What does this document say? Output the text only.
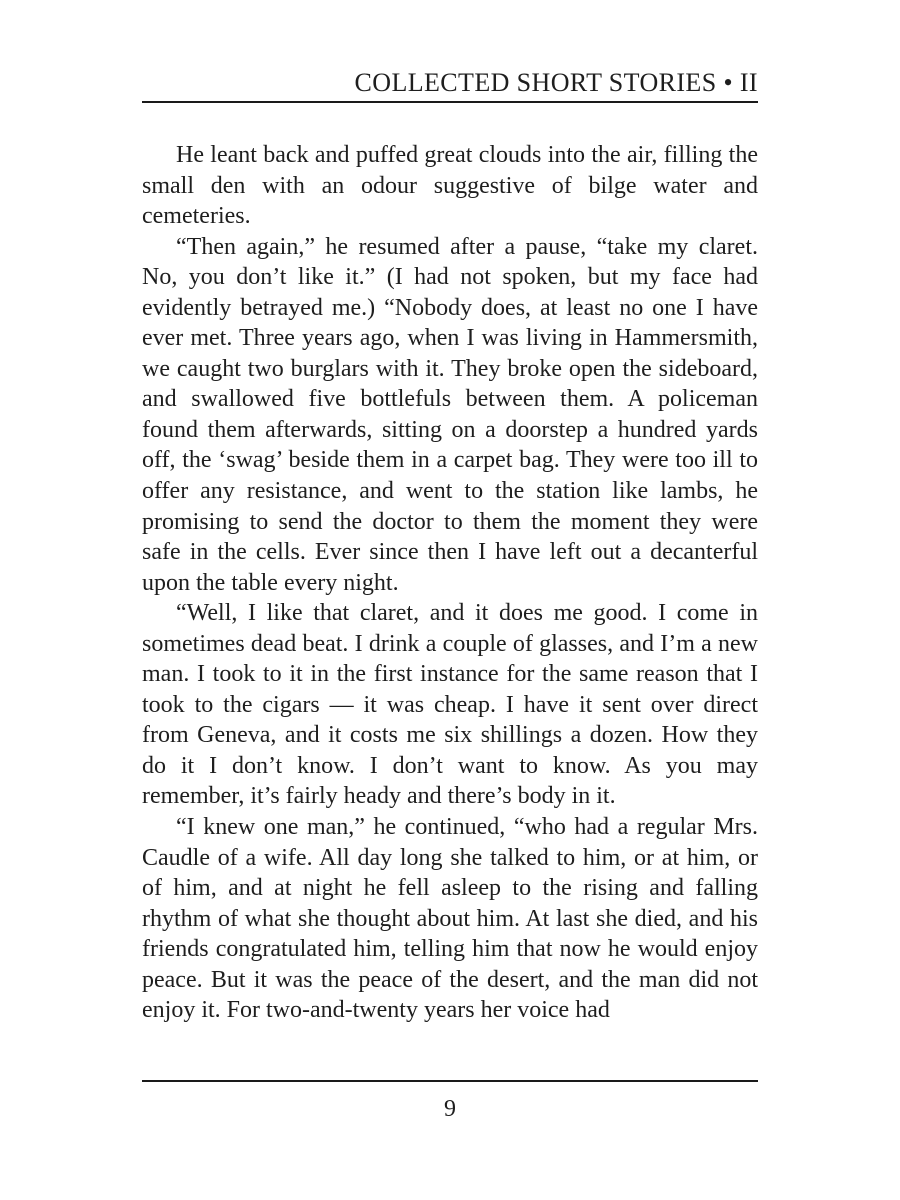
COLLECTED SHORT STORIES • II

He leant back and puffed great clouds into the air, filling the small den with an odour suggestive of bilge water and cemeteries.

“Then again,” he resumed after a pause, “take my claret. No, you don’t like it.” (I had not spoken, but my face had evidently betrayed me.) “Nobody does, at least no one I have ever met. Three years ago, when I was living in Hammersmith, we caught two burglars with it. They broke open the sideboard, and swallowed five bottlefuls between them. A policeman found them afterwards, sitting on a doorstep a hundred yards off, the ‘swag’ beside them in a carpet bag. They were too ill to offer any resistance, and went to the station like lambs, he promising to send the doctor to them the moment they were safe in the cells. Ever since then I have left out a decanterful upon the table every night.

“Well, I like that claret, and it does me good. I come in sometimes dead beat. I drink a couple of glasses, and I’m a new man. I took to it in the first instance for the same reason that I took to the cigars — it was cheap. I have it sent over direct from Geneva, and it costs me six shillings a dozen. How they do it I don’t know. I don’t want to know. As you may remember, it’s fairly heady and there’s body in it.

“I knew one man,” he continued, “who had a regular Mrs. Caudle of a wife. All day long she talked to him, or at him, or of him, and at night he fell asleep to the rising and falling rhythm of what she thought about him. At last she died, and his friends congratulated him, telling him that now he would enjoy peace. But it was the peace of the desert, and the man did not enjoy it. For two-and-twenty years her voice had

9
